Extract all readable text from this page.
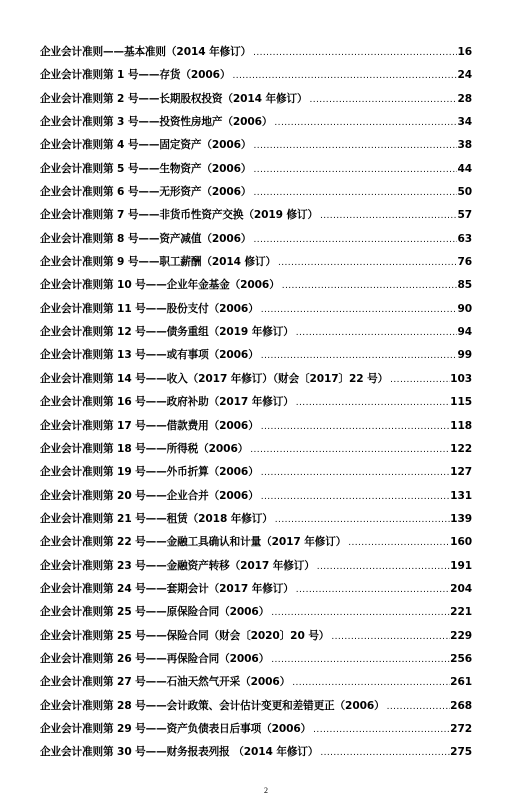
企业会计准则——基本准则（2014 年修订） .....	16
企业会计准则第 1 号——存货（2006） .....	24
企业会计准则第 2 号——长期股权投资（2014 年修订） .....	28
企业会计准则第 3 号——投资性房地产（2006） .....	34
企业会计准则第 4 号——固定资产（2006） .....	38
企业会计准则第 5 号——生物资产（2006） .....	44
企业会计准则第 6 号——无形资产（2006） .....	50
企业会计准则第 7 号——非货币性资产交换（2019 修订） .....	57
企业会计准则第 8 号——资产减值（2006） .....	63
企业会计准则第 9 号——职工薪酬（2014 修订） .....	76
企业会计准则第 10 号——企业年金基金（2006） .....	85
企业会计准则第 11 号——股份支付（2006） .....	90
企业会计准则第 12 号——债务重组（2019 年修订） .....	94
企业会计准则第 13 号——或有事项（2006） .....	99
企业会计准则第 14 号——收入（2017 年修订）（财会〔2017〕22 号） .....	103
企业会计准则第 16 号——政府补助（2017 年修订） .....	115
企业会计准则第 17 号——借款费用（2006） .....	118
企业会计准则第 18 号——所得税（2006） .....	122
企业会计准则第 19 号——外币折算（2006） .....	127
企业会计准则第 20 号——企业合并（2006） .....	131
企业会计准则第 21 号——租赁（2018 年修订） .....	139
企业会计准则第 22 号——金融工具确认和计量（2017 年修订） .....	160
企业会计准则第 23 号——金融资产转移（2017 年修订） .....	191
企业会计准则第 24 号——套期会计（2017 年修订） .....	204
企业会计准则第 25 号——原保险合同（2006） .....	221
企业会计准则第 25 号——保险合同（财会〔2020〕20 号） .....	229
企业会计准则第 26 号——再保险合同（2006） .....	256
企业会计准则第 27 号——石油天然气开采（2006） .....	261
企业会计准则第 28 号——会计政策、会计估计变更和差错更正（2006） .....	268
企业会计准则第 29 号——资产负债表日后事项（2006） .....	272
企业会计准则第 30 号——财务报表列报 （2014 年修订） .....	275
2
